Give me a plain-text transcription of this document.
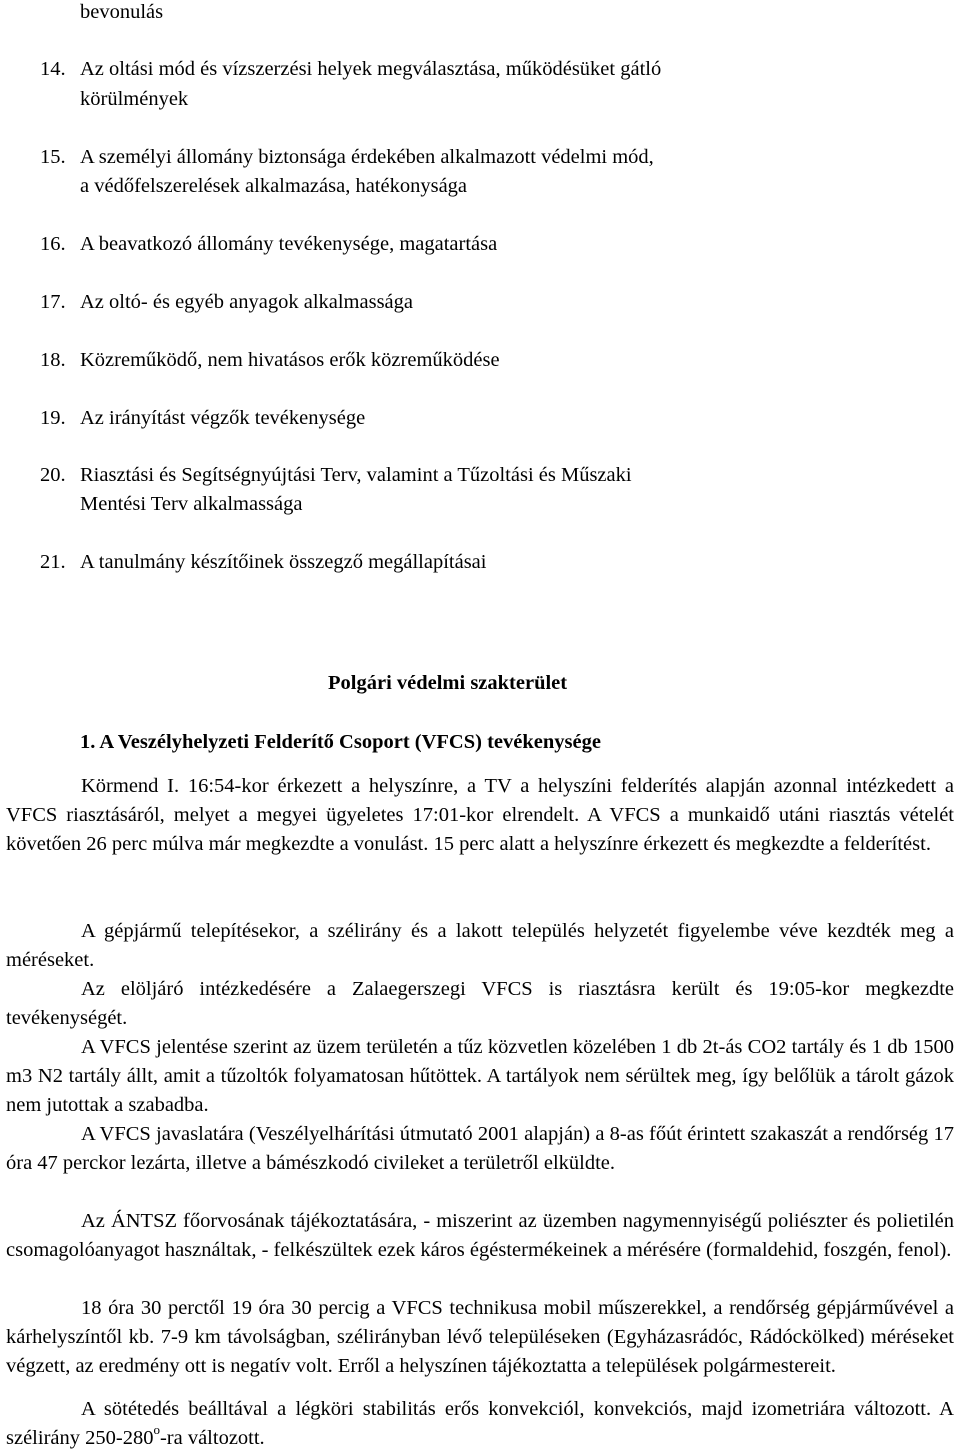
bevonulás
14. Az oltási mód és vízszerzési helyek megválasztása, működésüket gátló
körülmények
15. A személyi állomány biztonsága érdekében alkalmazott védelmi mód,
a védőfelszerelések alkalmazása, hatékonysága
16. A beavatkozó állomány tevékenysége, magatartása
17. Az oltó- és egyéb anyagok alkalmassága
18. Közreműködő, nem hivatásos erők közreműködése
19. Az irányítást végzők tevékenysége
20. Riasztási és Segítségnyújtási Terv, valamint a Tűzoltási és Műszaki
Mentési Terv alkalmassága
21. A tanulmány készítőinek összegző megállapításai
Polgári védelmi szakterület
1. A Veszélyhelyzeti Felderítő Csoport (VFCS) tevékenysége

Körmend I. 16:54-kor érkezett a helyszínre, a TV a helyszíni felderítés alapján azonnal intézkedett a VFCS riasztásáról, melyet a megyei ügyeletes 17:01-kor elrendelt. A VFCS a munkaidő utáni riasztás vételét követően 26 perc múlva már megkezdte a vonulást. 15 perc alatt a helyszínre érkezett és megkezdte a felderítést.

A gépjármű telepítésekor, a szélirány és a lakott település helyzetét figyelembe véve kezdték meg a méréseket.

Az elöljáró intézkedésére a Zalaegerszegi VFCS is riasztásra került és 19:05-kor megkezdte tevékenységét.

A VFCS jelentése szerint az üzem területén a tűz közvetlen közelében 1 db 2t-ás CO2 tartály és 1 db 1500 m3 N2 tartály állt, amit a tűzoltók folyamatosan hűtöttek. A tartályok nem sérültek meg, így belőlük a tárolt gázok nem jutottak a szabadba.

A VFCS javaslatára (Veszélyelhárítási útmutató 2001 alapján) a 8-as főút érintett szakaszát a rendőrség 17 óra 47 perckor lezárta, illetve a bámészkodó civileket a területről elküldte.

Az ÁNTSZ főorvosának tájékoztatására, - miszerint az üzemben nagymennyiségű poliészter és polietilén csomagolóanyagot használtak, - felkészültek ezek káros égéstermékeinek a mérésére (formaldehid, foszgén, fenol).

18 óra 30 perctől 19 óra 30 percig a VFCS technikusa mobil műszerekkel, a rendőrség gépjárművével a kárhelyszíntől kb. 7-9 km távolságban, szélirányban lévő településeken (Egyházasrádóc, Rádóckölked) méréseket végzett, az eredmény ott is negatív volt. Erről a helyszínen tájékoztatta a települések polgármestereit.

A sötétedés beálltával a légköri stabilitás erős konvekciól, konvekciós, majd izometriára változott. A szélirány 250-280$^o$-ra változott.
